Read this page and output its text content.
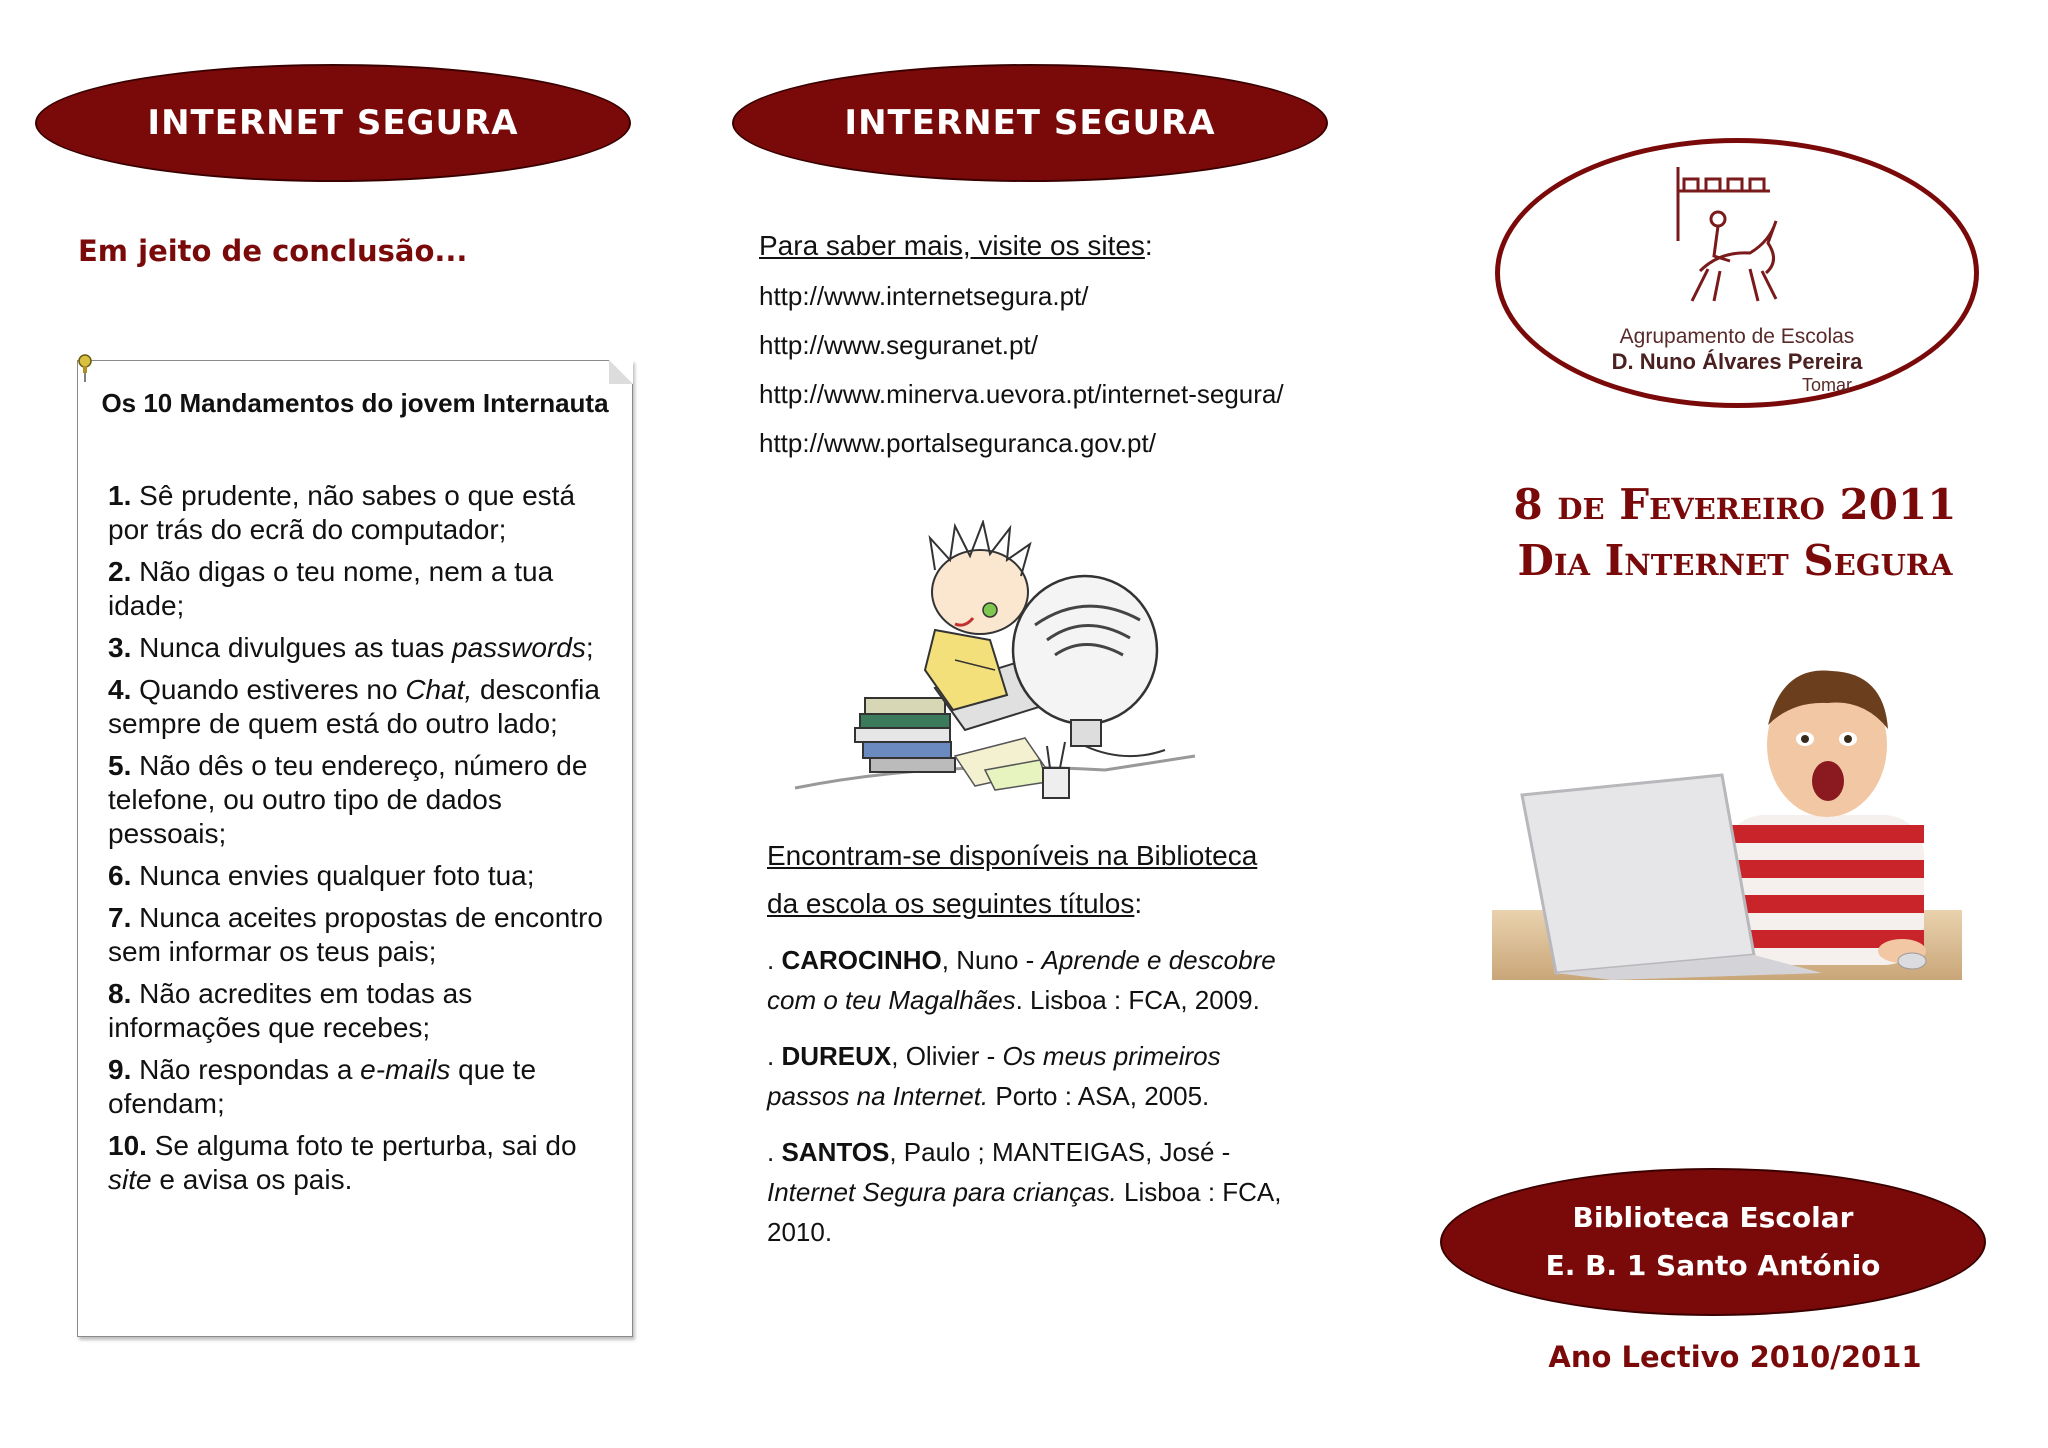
INTERNET SEGURA
Em jeito de conclusão...
Os 10 Mandamentos do jovem Internauta
1. Sê prudente, não sabes o que está por trás do ecrã do computador;
2. Não digas o teu nome, nem a tua idade;
3. Nunca divulgues as tuas passwords;
4. Quando estiveres no Chat, desconfia sempre de quem está do outro lado;
5. Não dês o teu endereço, número de telefone, ou outro tipo de dados pessoais;
6. Nunca envies qualquer foto tua;
7. Nunca aceites propostas de encontro sem informar os teus pais;
8. Não acredites em todas as informações que recebes;
9. Não respondas a e-mails que te ofendam;
10. Se alguma foto te perturba, sai do site e avisa os pais.
INTERNET SEGURA
Para saber mais, visite os sites:
http://www.internetsegura.pt/
http://www.seguranet.pt/
http://www.minerva.uevora.pt/internet-segura/
http://www.portalseguranca.gov.pt/
Encontram-se disponíveis na Biblioteca
da escola os seguintes títulos:
. CAROCINHO, Nuno - Aprende e descobre com o teu Magalhães. Lisboa : FCA, 2009.
. DUREUX, Olivier - Os meus primeiros passos na Internet. Porto : ASA, 2005.
. SANTOS, Paulo ; MANTEIGAS, José - Internet Segura para crianças. Lisboa : FCA, 2010.
Agrupamento de Escolas
D. Nuno Álvares Pereira
Tomar
8 de Fevereiro 2011
Dia Internet Segura
Biblioteca Escolar
E. B. 1 Santo António
Ano Lectivo 2010/2011
